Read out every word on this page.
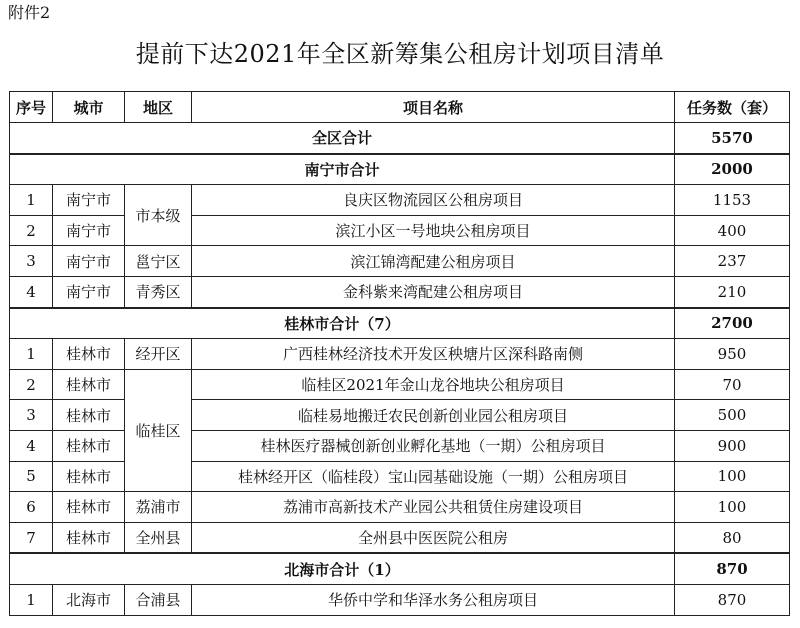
附件2
提前下达2021年全区新筹集公租房计划项目清单
序号	城市	地区	项目名称	任务数（套）
全区合计				5570
南宁市合计				2000
1	南宁市	市本级	良庆区物流园区公租房项目	1153
2	南宁市		滨江小区一号地块公租房项目	400
3	南宁市	邕宁区	滨江锦湾配建公租房项目	237
4	南宁市	青秀区	金科紫来湾配建公租房项目	210
桂林市合计（7）				2700
1	桂林市	经开区	广西桂林经济技术开发区秧塘片区深科路南侧	950
2	桂林市	临桂区	临桂区2021年金山龙谷地块公租房项目	70
3	桂林市		临桂易地搬迁农民创新创业园公租房项目	500
4	桂林市		桂林医疗器械创新创业孵化基地（一期）公租房项目	900
5	桂林市		桂林经开区（临桂段）宝山园基础设施（一期）公租房项目	100
6	桂林市	荔浦市	荔浦市高新技术产业园公共租赁住房建设项目	100
7	桂林市	全州县	全州县中医医院公租房	80
北海市合计（1）				870
1	北海市	合浦县	华侨中学和华泽水务公租房项目	870
